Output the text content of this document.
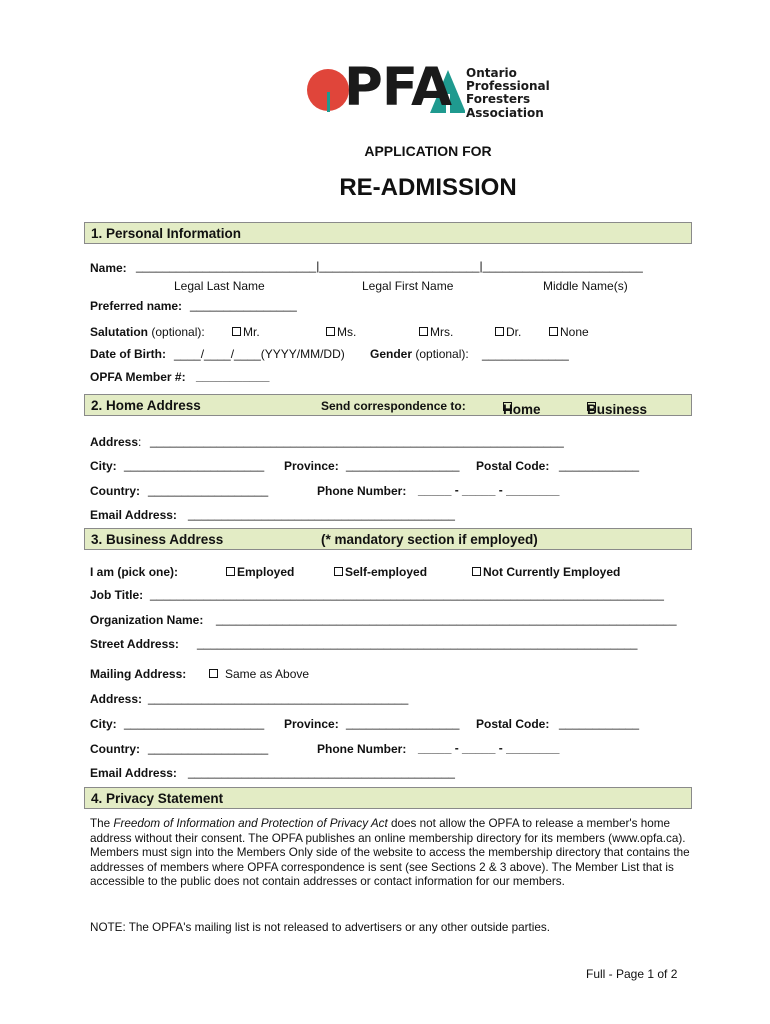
PFA Ontario
Professional
Foresters
Association
APPLICATION FOR
RE-ADMISSION
1. Personal Information
Name: ___________________________|________________________|________________________
Legal Last Name	Legal First Name	Middle Name(s)
Preferred name: ________________
Salutation (optional):	Mr.	Ms.	Mrs.	Dr.	None
Date of Birth: ____/____/____(YYYY/MM/DD) Gender (optional): _____________
OPFA Member #: ___________
2. Home Address	Send correspondence to:	Home	Business
Address: ______________________________________________________________
City: _____________________ Province: _________________ Postal Code: ____________
Country: __________________	Phone Number: _____ - _____ - ________
Email Address: ________________________________________
3. Business Address	(* mandatory section if employed)
I am (pick one):	Employed	Self-employed	Not Currently Employed
Job Title: _____________________________________________________________________________
Organization Name: _____________________________________________________________________
Street Address: __________________________________________________________________
Mailing Address:	Same as Above
Address: _______________________________________
City: _____________________ Province: _________________ Postal Code: ____________
Country: __________________	Phone Number: _____ - _____ - ________
Email Address: ________________________________________
4. Privacy Statement
The Freedom of Information and Protection of Privacy Act does not allow the OPFA to release a member's home address without their consent. The OPFA publishes an online membership directory for its members (www.opfa.ca). Members must sign into the Members Only side of the website to access the membership directory that contains the addresses of members where OPFA correspondence is sent (see Sections 2 & 3 above). The Member List that is accessible to the public does not contain addresses or contact information for our members.
NOTE: The OPFA's mailing list is not released to advertisers or any other outside parties.
Full - Page 1 of 2
